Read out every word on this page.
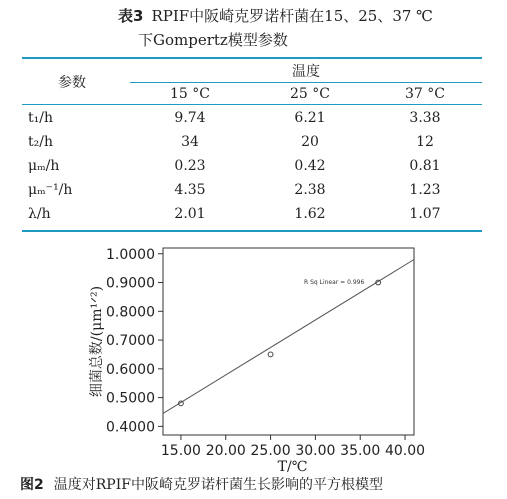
表3 RPIF中阪崎克罗诺杆菌在15、25、37 ℃
下Gompertz模型参数
参数
温度
15 °C	25 °C	37 °C
t₁/h	9.74	6.21	3.38
t₂/h	34	20	12
μₘ/h	0.23	0.42	0.81
μₘ⁻¹/h	4.35	2.38	1.23
λ/h	2.01	1.62	1.07
0.4000
0.5000
0.6000
0.7000
0.8000
0.9000
1.0000
15.00 20.00 25.00 30.00 35.00 40.00
R Sq Linear = 0.996
T/℃
细菌总数/(μm¹ᐟ²)
图2 温度对RPIF中阪崎克罗诺杆菌生长影响的平方根模型
